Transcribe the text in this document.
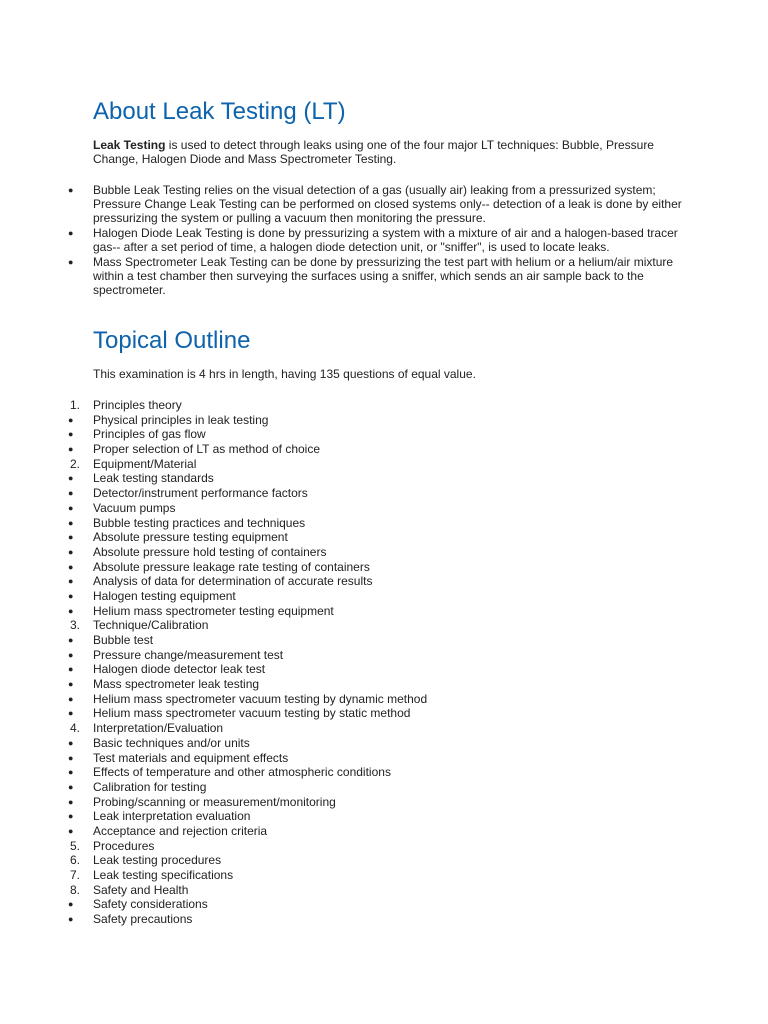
About Leak Testing (LT)

Leak Testing is used to detect through leaks using one of the four major LT techniques: Bubble, Pressure Change, Halogen Diode and Mass Spectrometer Testing.

●	Bubble Leak Testing relies on the visual detection of a gas (usually air) leaking from a pressurized system; Pressure Change Leak Testing can be performed on closed systems only-- detection of a leak is done by either pressurizing the system or pulling a vacuum then monitoring the pressure.
●	Halogen Diode Leak Testing is done by pressurizing a system with a mixture of air and a halogen-based tracer gas-- after a set period of time, a halogen diode detection unit, or "sniffer", is used to locate leaks.
●	Mass Spectrometer Leak Testing can be done by pressurizing the test part with helium or a helium/air mixture within a test chamber then surveying the surfaces using a sniffer, which sends an air sample back to the spectrometer.
Topical Outline

This examination is 4 hrs in length, having 135 questions of equal value.

1.	Principles theory
●	Physical principles in leak testing
●	Principles of gas flow
●	Proper selection of LT as method of choice
2.	Equipment/Material
●	Leak testing standards
●	Detector/instrument performance factors
●	Vacuum pumps
●	Bubble testing practices and techniques
●	Absolute pressure testing equipment
●	Absolute pressure hold testing of containers
●	Absolute pressure leakage rate testing of containers
●	Analysis of data for determination of accurate results
●	Halogen testing equipment
●	Helium mass spectrometer testing equipment
3.	Technique/Calibration
●	Bubble test
●	Pressure change/measurement test
●	Halogen diode detector leak test
●	Mass spectrometer leak testing
●	Helium mass spectrometer vacuum testing by dynamic method
●	Helium mass spectrometer vacuum testing by static method
4.	Interpretation/Evaluation
●	Basic techniques and/or units
●	Test materials and equipment effects
●	Effects of temperature and other atmospheric conditions
●	Calibration for testing
●	Probing/scanning or measurement/monitoring
●	Leak interpretation evaluation
●	Acceptance and rejection criteria
5.	Procedures
6.	Leak testing procedures
7.	Leak testing specifications
8.	Safety and Health
●	Safety considerations
●	Safety precautions
